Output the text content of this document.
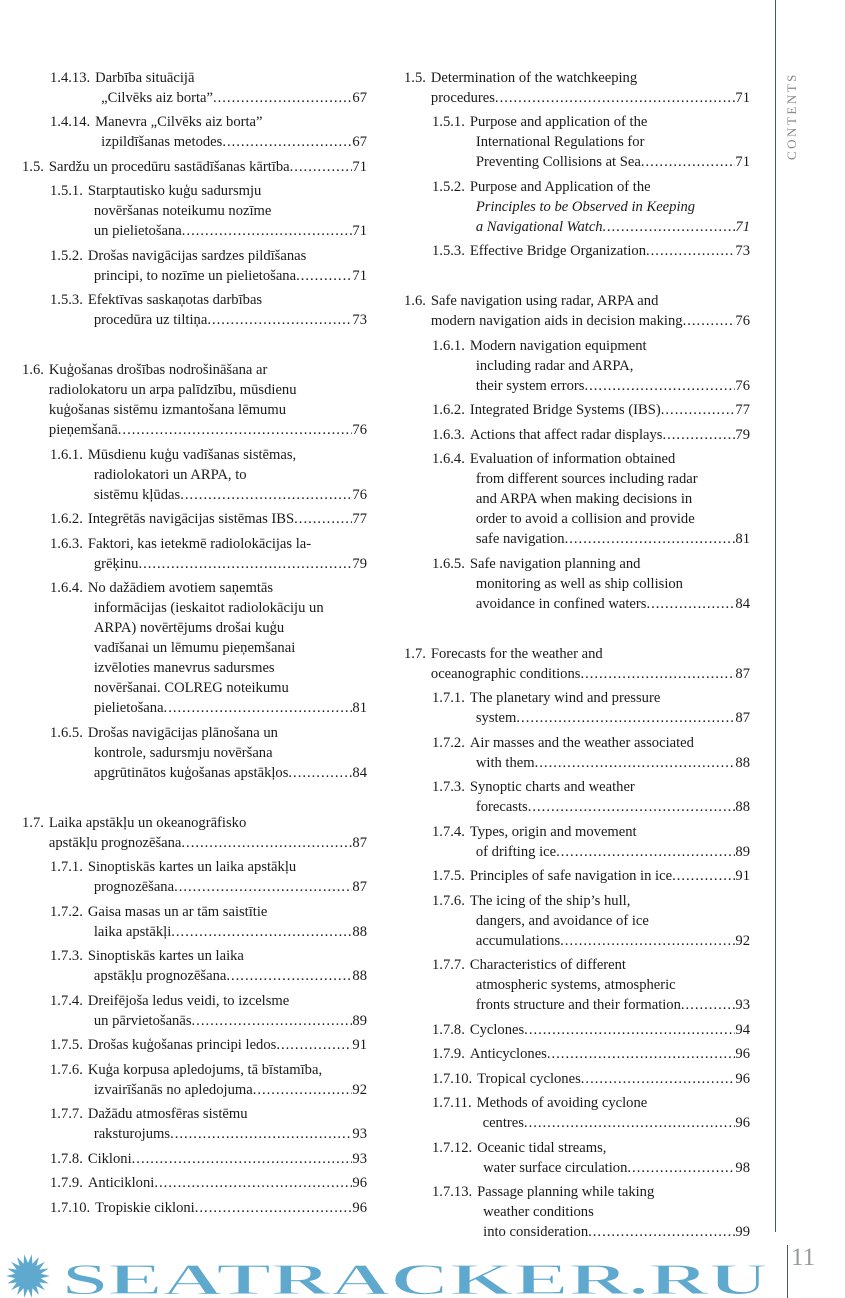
CONTENTS
1.4.13. Darbība situācijā
„Cilvēks aiz borta” .....	67
1.4.14. Manevra „Cilvēks aiz borta”
izpildīšanas metodes .....	67
1.5. Sardžu un procedūru sastādīšanas kārtība .....	71
1.5.1. Starptautisko kuģu sadursmju
novēršanas noteikumu nozīme
un pielietošana .....	71
1.5.2. Drošas navigācijas sardzes pildīšanas
principi, to nozīme un pielietošana .....	71
1.5.3. Efektīvas saskaņotas darbības
procedūra uz tiltiņa .....	73
1.6. Kuģošanas drošības nodrošināšana ar
radiolokatoru un arpa palīdzību, mūsdienu
kuģošanas sistēmu izmantošana lēmumu
pieņemšanā .....	76
1.6.1. Mūsdienu kuģu vadīšanas sistēmas,
radiolokatori un ARPA, to
sistēmu kļūdas .....	76
1.6.2. Integrētās navigācijas sistēmas IBS .....	77
1.6.3. Faktori, kas ietekmē radiolokācijas la-
grēķinu .....	79
1.6.4. No dažādiem avotiem saņemtās
informācijas (ieskaitot radiolokāciju un
ARPA) novērtējums drošai kuģu
vadīšanai un lēmumu pieņemšanai
izvēloties manevrus sadursmes
novēršanai. COLREG noteikumu
pielietošana .....	81
1.6.5. Drošas navigācijas plānošana un
kontrole, sadursmju novēršana
apgrūtinātos kuģošanas apstākļos .....	84
1.7. Laika apstākļu un okeanogrāfisko
apstākļu prognozēšana .....	87
1.7.1. Sinoptiskās kartes un laika apstākļu
prognozēšana .....	87
1.7.2. Gaisa masas un ar tām saistītie
laika apstākļi .....	88
1.7.3. Sinoptiskās kartes un laika
apstākļu prognozēšana .....	88
1.7.4. Dreifējoša ledus veidi, to izcelsme
un pārvietošanās .....	89
1.7.5. Drošas kuģošanas principi ledos .....	91
1.7.6. Kuģa korpusa apledojums, tā bīstamība,
izvairīšanās no apledojuma .....	92
1.7.7. Dažādu atmosfēras sistēmu
raksturojums .....	93
1.7.8. Cikloni .....	93
1.7.9. Anticikloni .....	96
1.7.10. Tropiskie cikloni .....	96
1.5. Determination of the watchkeeping
procedures .....	71
1.5.1. Purpose and application of the
International Regulations for
Preventing Collisions at Sea .....	71
1.5.2. Purpose and Application of the
Principles to be Observed in Keeping
a Navigational Watch .....	71
1.5.3. Effective Bridge Organization .....	73
1.6. Safe navigation using radar, ARPA and
modern navigation aids in decision making .....	76
1.6.1. Modern navigation equipment
including radar and ARPA,
their system errors .....	76
1.6.2. Integrated Bridge Systems (IBS) .....	77
1.6.3. Actions that affect radar displays .....	79
1.6.4. Evaluation of information obtained
from different sources including radar
and ARPA when making decisions in
order to avoid a collision and provide
safe navigation .....	81
1.6.5. Safe navigation planning and
monitoring as well as ship collision
avoidance in confined waters .....	84
1.7. Forecasts for the weather and
oceanographic conditions .....	87
1.7.1. The planetary wind and pressure
system .....	87
1.7.2. Air masses and the weather associated
with them .....	88
1.7.3. Synoptic charts and weather
forecasts .....	88
1.7.4. Types, origin and movement
of drifting ice .....	89
1.7.5. Principles of safe navigation in ice .....	91
1.7.6. The icing of the ship’s hull,
dangers, and avoidance of ice
accumulations .....	92
1.7.7. Characteristics of different
atmospheric systems, atmospheric
fronts structure and their formation .....	93
1.7.8. Cyclones .....	94
1.7.9. Anticyclones .....	96
1.7.10. Tropical cyclones .....	96
1.7.11. Methods of avoiding cyclone
centres .....	96
1.7.12. Oceanic tidal streams,
water surface circulation .....	98
1.7.13. Passage planning while taking
weather conditions
into consideration .....	99
SEATRACKER.RU 11
